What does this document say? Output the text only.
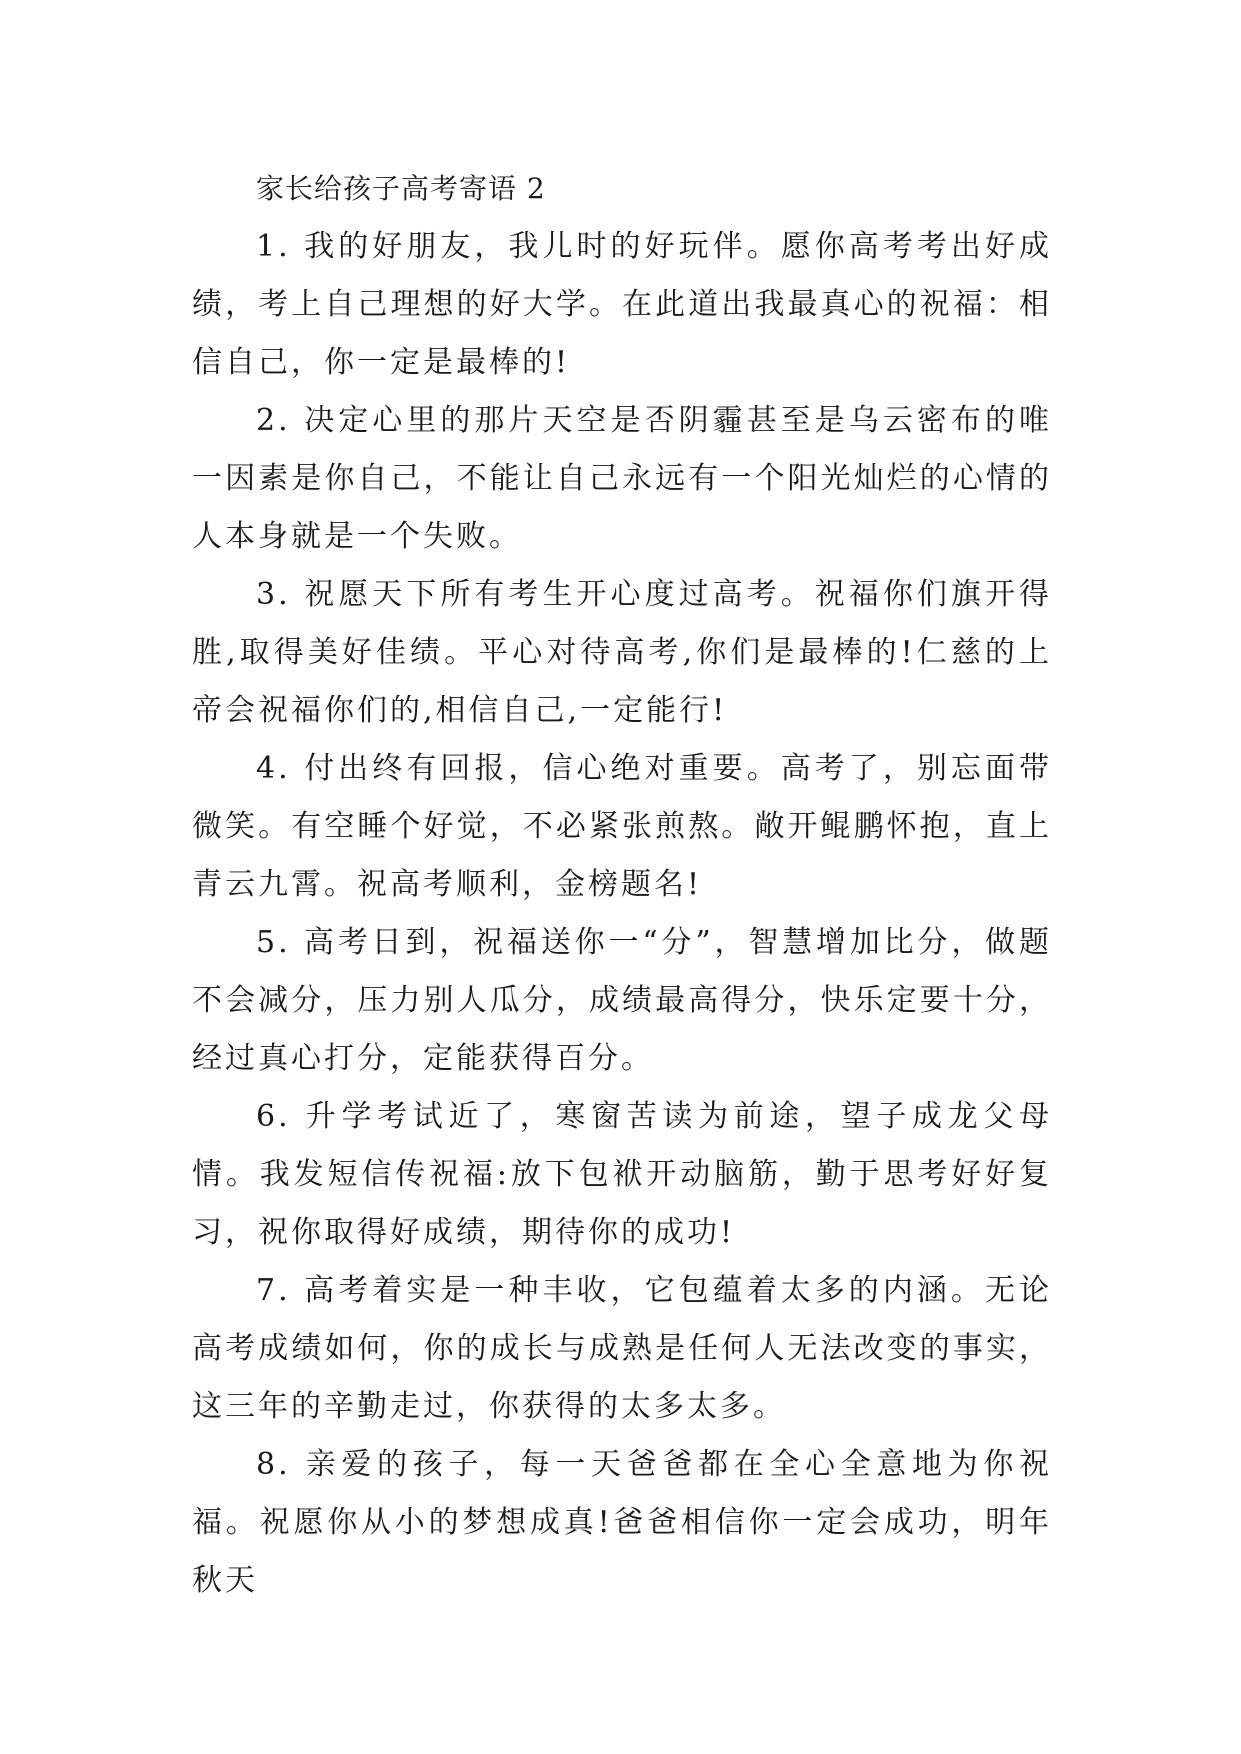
家长给孩子高考寄语 2

1. 我的好朋友，我儿时的好玩伴。愿你高考考出好成绩，考上自己理想的好大学。在此道出我最真心的祝福：相信自己，你一定是最棒的!

2. 决定心里的那片天空是否阴霾甚至是乌云密布的唯一因素是你自己，不能让自己永远有一个阳光灿烂的心情的人本身就是一个失败。

3. 祝愿天下所有考生开心度过高考。祝福你们旗开得胜,取得美好佳绩。平心对待高考,你们是最棒的!仁慈的上帝会祝福你们的,相信自己,一定能行!

4. 付出终有回报，信心绝对重要。高考了，别忘面带微笑。有空睡个好觉，不必紧张煎熬。敞开鲲鹏怀抱，直上青云九霄。祝高考顺利，金榜题名!

5. 高考日到，祝福送你一“分”，智慧增加比分，做题不会减分，压力别人瓜分，成绩最高得分，快乐定要十分，经过真心打分，定能获得百分。

6. 升学考试近了，寒窗苦读为前途，望子成龙父母情。我发短信传祝福:放下包袱开动脑筋，勤于思考好好复习，祝你取得好成绩，期待你的成功!

7. 高考着实是一种丰收，它包蕴着太多的内涵。无论高考成绩如何，你的成长与成熟是任何人无法改变的事实，这三年的辛勤走过，你获得的太多太多。

8. 亲爱的孩子，每一天爸爸都在全心全意地为你祝福。祝愿你从小的梦想成真!爸爸相信你一定会成功，明年秋天
